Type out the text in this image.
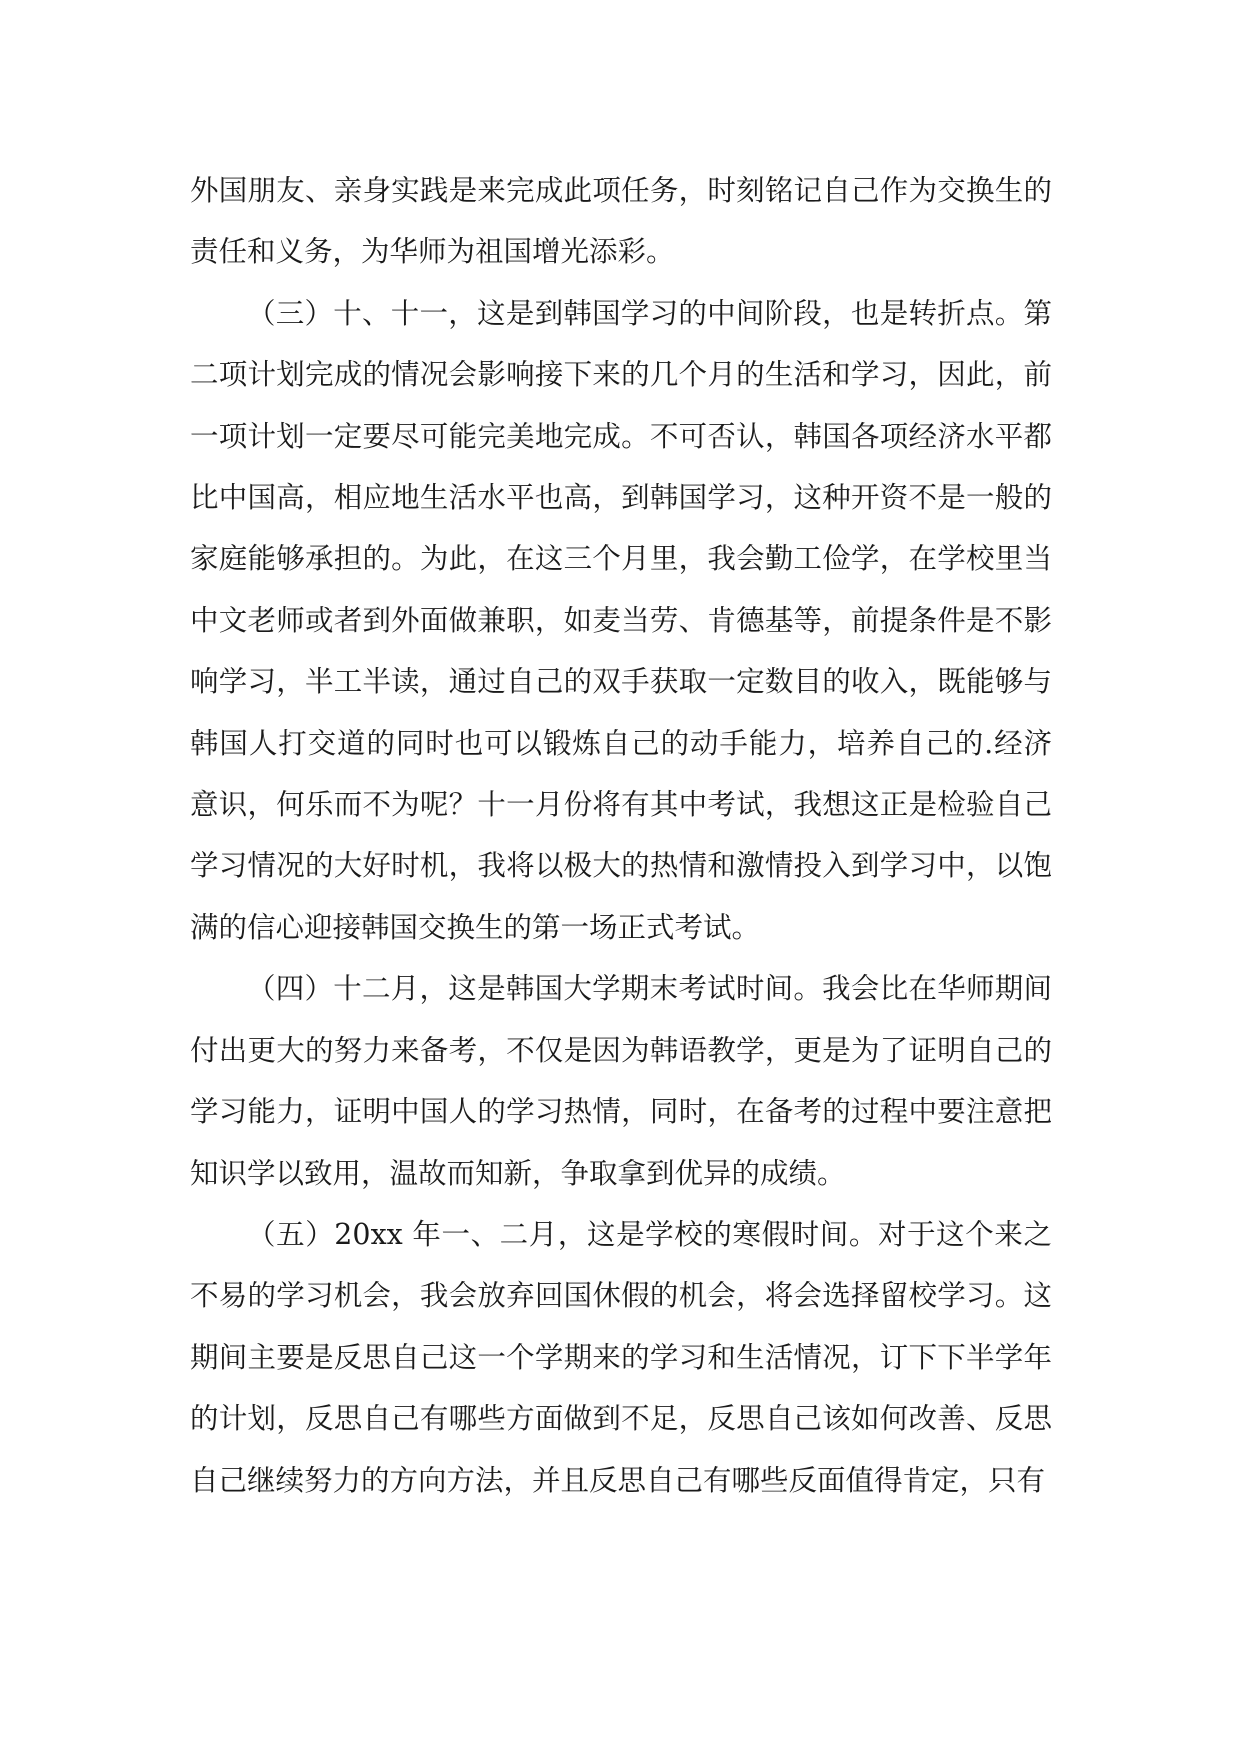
外国朋友、亲身实践是来完成此项任务，时刻铭记自己作为交换生的责任和义务，为华师为祖国增光添彩。

（三）十、十一，这是到韩国学习的中间阶段，也是转折点。第二项计划完成的情况会影响接下来的几个月的生活和学习，因此，前一项计划一定要尽可能完美地完成。不可否认，韩国各项经济水平都比中国高，相应地生活水平也高，到韩国学习，这种开资不是一般的家庭能够承担的。为此，在这三个月里，我会勤工俭学，在学校里当中文老师或者到外面做兼职，如麦当劳、肯德基等，前提条件是不影响学习，半工半读，通过自己的双手获取一定数目的收入，既能够与韩国人打交道的同时也可以锻炼自己的动手能力，培养自己的.经济意识，何乐而不为呢？十一月份将有其中考试，我想这正是检验自己学习情况的大好时机，我将以极大的热情和激情投入到学习中，以饱满的信心迎接韩国交换生的第一场正式考试。

（四）十二月，这是韩国大学期末考试时间。我会比在华师期间付出更大的努力来备考，不仅是因为韩语教学，更是为了证明自己的学习能力，证明中国人的学习热情，同时，在备考的过程中要注意把知识学以致用，温故而知新，争取拿到优异的成绩。

（五）20xx 年一、二月，这是学校的寒假时间。对于这个来之不易的学习机会，我会放弃回国休假的机会，将会选择留校学习。这期间主要是反思自己这一个学期来的学习和生活情况，订下下半学年的计划，反思自己有哪些方面做到不足，反思自己该如何改善、反思自己继续努力的方向方法，并且反思自己有哪些反面值得肯定，只有
